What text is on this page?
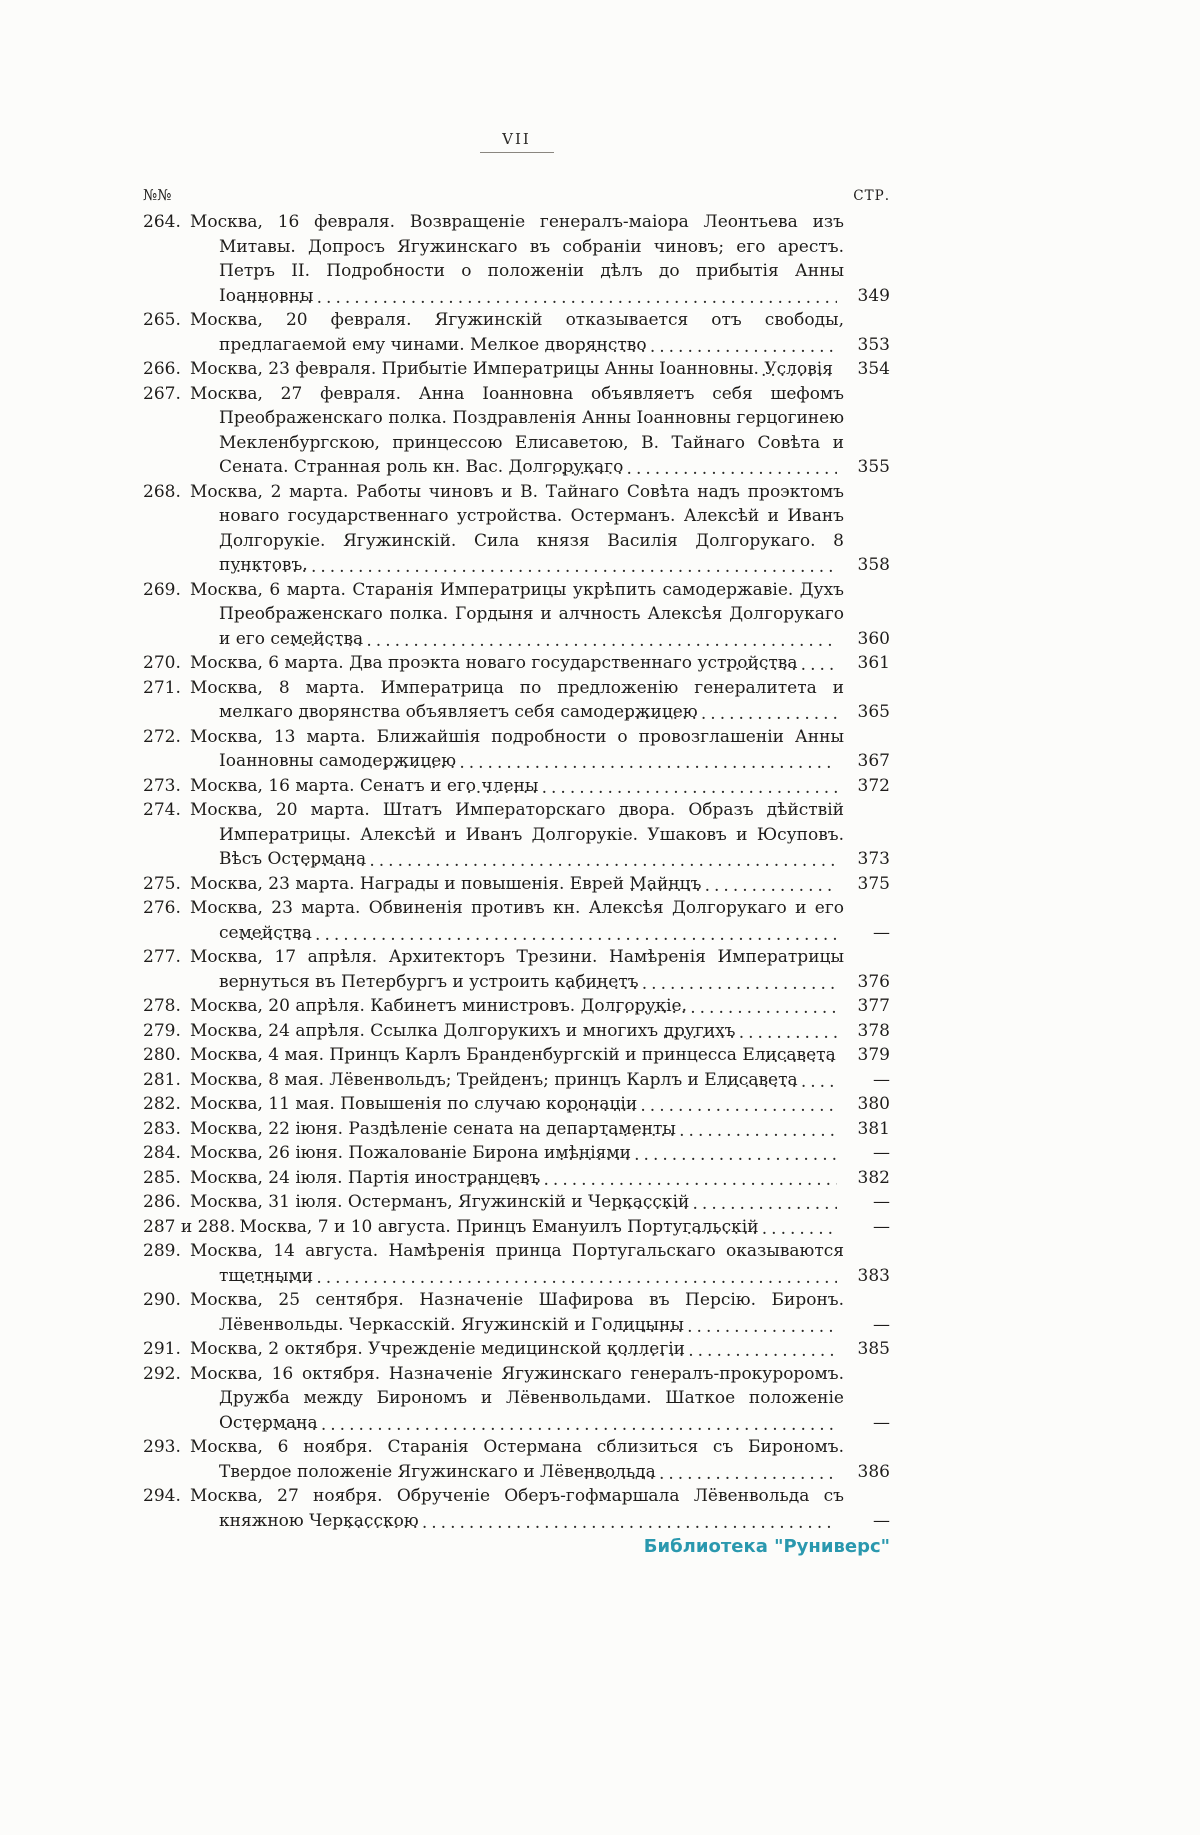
VII
№№	СТР.
264. Москва, 16 февраля. Возвращеніе генералъ-маіора Леонтьева изъ Митавы. Допросъ Ягужинскаго въ собраніи чиновъ; его арестъ. Петръ II. Подробности о положеніи дѣлъ до прибытія Анны Іоанновны	349
265. Москва, 20 февраля. Ягужинскій отказывается отъ свободы, предлагаемой ему чинами. Мелкое дворянство	353
266. Москва, 23 февраля. Прибытіе Императрицы Анны Іоанновны. Условія	354
267. Москва, 27 февраля. Анна Іоанновна объявляетъ себя шефомъ Преображенскаго полка. Поздравленія Анны Іоанновны герцогинею Мекленбургскою, принцессою Елисаветою, В. Тайнаго Совѣта и Сената. Странная роль кн. Вас. Долгорукаго	355
268. Москва, 2 марта. Работы чиновъ и В. Тайнаго Совѣта надъ проэктомъ новаго государственнаго устройства. Остерманъ. Алексѣй и Иванъ Долгорукіе. Ягужинскій. Сила князя Василія Долгорукаго. 8 пунктовъ.	358
269. Москва, 6 марта. Старанія Императрицы укрѣпить самодержавіе. Духъ Преображенскаго полка. Гордыня и алчность Алексѣя Долгорукаго и его семейства	360
270. Москва, 6 марта. Два проэкта новаго государственнаго устройства	361
271. Москва, 8 марта. Императрица по предложенію генералитета и мелкаго дворянства объявляетъ себя самодержицею	365
272. Москва, 13 марта. Ближайшія подробности о провозглашеніи Анны Іоанновны самодержицею	367
273. Москва, 16 марта. Сенатъ и его члены	372
274. Москва, 20 марта. Штатъ Императорскаго двора. Образъ дѣйствій Императрицы. Алексѣй и Иванъ Долгорукіе. Ушаковъ и Юсуповъ. Вѣсъ Остермана	373
275. Москва, 23 марта. Награды и повышенія. Еврей Майнцъ	375
276. Москва, 23 марта. Обвиненія противъ кн. Алексѣя Долгорукаго и его семейства	—
277. Москва, 17 апрѣля. Архитекторъ Трезини. Намѣренія Императрицы вернуться въ Петербургъ и устроить кабинетъ	376
278. Москва, 20 апрѣля. Кабинетъ министровъ. Долгорукіе.	377
279. Москва, 24 апрѣля. Ссылка Долгорукихъ и многихъ другихъ	378
280. Москва, 4 мая. Принцъ Карлъ Бранденбургскій и принцесса Елисавета	379
281. Москва, 8 мая. Лёвенвольдъ; Трейденъ; принцъ Карлъ и Елисавета	—
282. Москва, 11 мая. Повышенія по случаю коронаціи	380
283. Москва, 22 іюня. Раздѣленіе сената на департаменты	381
284. Москва, 26 іюня. Пожалованіе Бирона имѣніями	—
285. Москва, 24 іюля. Партія иностранцевъ	382
286. Москва, 31 іюля. Остерманъ, Ягужинскій и Черкасскій	—
287 и 288. Москва, 7 и 10 августа. Принцъ Емануилъ Португальскій	—
289. Москва, 14 августа. Намѣренія принца Португальскаго оказываются тщетными	383
290. Москва, 25 сентября. Назначеніе Шафирова въ Персію. Биронъ. Лёвенвольды. Черкасскій. Ягужинскій и Голицыны	—
291. Москва, 2 октября. Учрежденіе медицинской коллегіи	385
292. Москва, 16 октября. Назначеніе Ягужинскаго генералъ-прокуроромъ. Дружба между Бирономъ и Лёвенвольдами. Шаткое положеніе Остермана	—
293. Москва, 6 ноября. Старанія Остермана сблизиться съ Бирономъ. Твердое положеніе Ягужинскаго и Лёвенвольда	386
294. Москва, 27 ноября. Обрученіе Оберъ-гофмаршала Лёвенвольда съ княжною Черкасскою	—
Библиотека "Руниверс"
